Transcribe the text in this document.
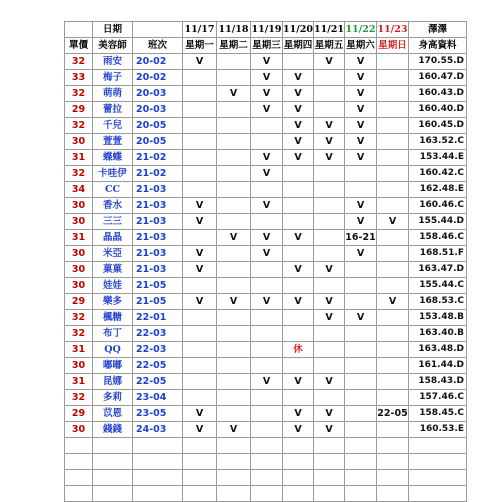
	日期		11/17	11/18	11/19	11/20	11/21	11/22	11/23	澤澤
單價	美容師	班次	星期一	星期二	星期三	星期四	星期五	星期六	星期日	身高資料
32	雨安	20-02	V		V		V	V		170.55.D
33	梅子	20-02			V	V		V		160.47.D
32	萌萌	20-03		V	V	V		V		160.43.D
29	蕾拉	20-03			V	V		V		160.40.D
32	千兒	20-05				V	V	V		160.45.D
30	萱萱	20-05				V	V	V		163.52.C
31	蝶蝶	21-02			V	V	V	V		153.44.E
32	卡哇伊	21-02			V					160.42.C
34	CC	21-03								162.48.E
30	香水	21-03	V		V			V		160.46.C
30	三三	21-03	V					V	V	155.44.D
31	晶晶	21-03		V	V	V		16-21		158.46.C
30	米亞	21-03	V		V			V		168.51.F
30	菓菓	21-03	V			V	V			163.47.D
30	娃娃	21-05								155.44.C
29	樂多	21-05	V	V	V	V	V		V	168.53.C
32	楓糖	22-01					V	V		153.48.B
32	布丁	22-03								163.40.B
31	QQ	22-03				休				163.48.D
30	嘟嘟	22-05								161.44.D
31	昆娜	22-05			V	V	V			158.43.D
32	多莉	23-04								157.46.C
29	苡恩	23-05	V			V	V		22-05	158.45.C
30	錢錢	24-03	V	V		V	V			160.53.E
